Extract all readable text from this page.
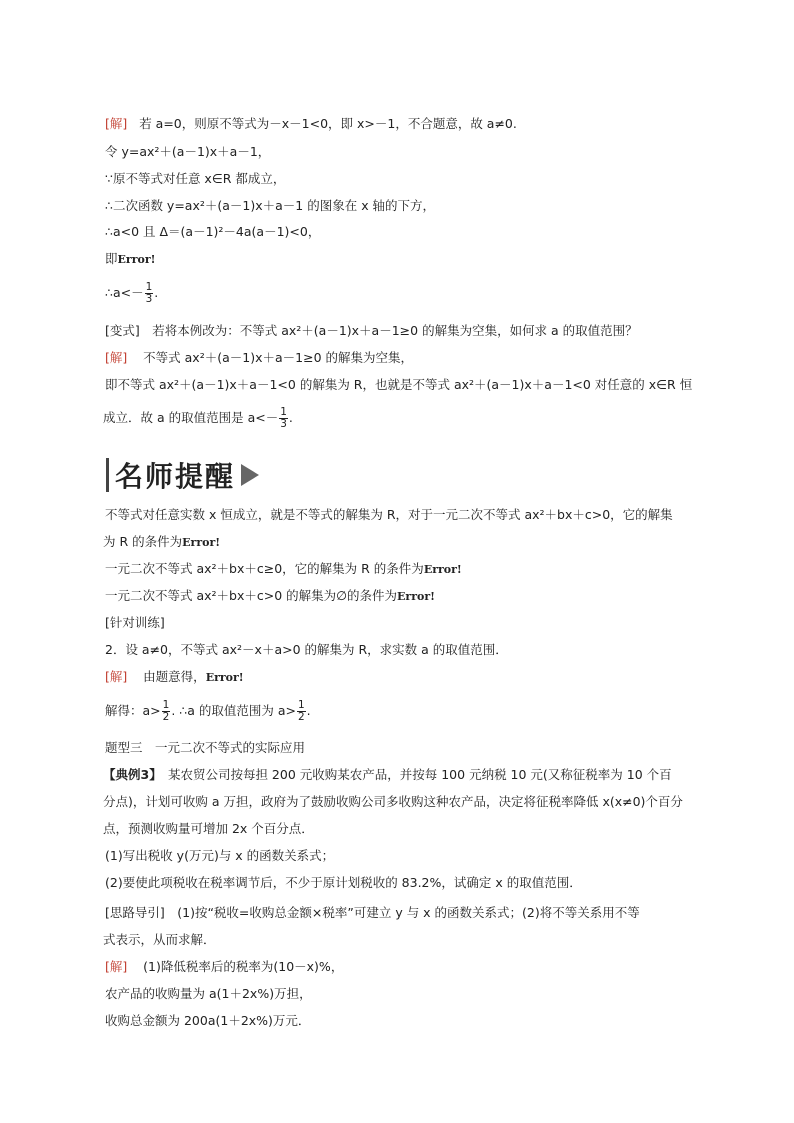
[解] 若 a=0，则原不等式为－x－1<0，即 x>－1，不合题意，故 a≠0.
令 y=ax²＋(a－1)x＋a－1，
∵原不等式对任意 x∈R 都成立，
∴二次函数 y=ax²＋(a－1)x＋a－1 的图象在 x 轴的下方，
∴a<0 且 Δ＝(a－1)²－4a(a－1)<0，
即Error!
∴a<－ $\frac{1}{3}$ .
[变式]　若将本例改为：不等式 ax²＋(a－1)x＋a－1≥0 的解集为空集，如何求 a 的取值范围？
[解] 不等式 ax²＋(a－1)x＋a－1≥0 的解集为空集，
即不等式 ax²＋(a－1)x＋a－1<0 的解集为 R，也就是不等式 ax²＋(a－1)x＋a－1<0 对任意的 x∈R 恒
成立．故 a 的取值范围是 $a<- \frac{1}{3}$ .
名师提醒
不等式对任意实数 x 恒成立，就是不等式的解集为 R，对于一元二次不等式 ax²＋bx＋c>0，它的解集
为 R 的条件为Error!
一元二次不等式 ax²＋bx＋c≥0，它的解集为 R 的条件为Error!
一元二次不等式 ax²＋bx＋c>0 的解集为∅的条件为Error!
[针对训练]
2．设 a≠0，不等式 ax²－x＋a>0 的解集为 R，求实数 a 的取值范围．
[解] 由题意得，Error!
解得：$a> \frac{1}{2}$ . ∴a 的取值范围为 $a> \frac{1}{2}$ .
题型三　一元二次不等式的实际应用
【典例3】　某农贸公司按每担 200 元收购某农产品，并按每 100 元纳税 10 元(又称征税率为 10 个百
分点)，计划可收购 a 万担，政府为了鼓励收购公司多收购这种农产品，决定将征税率降低 x(x≠0)个百分
点，预测收购量可增加 2x 个百分点．
(1)写出税收 y(万元)与 x 的函数关系式；
(2)要使此项税收在税率调节后，不少于原计划税收的 83.2%，试确定 x 的取值范围．
[思路导引]　(1)按“税收=收购总金额×税率”可建立 y 与 x 的函数关系式；(2)将不等关系用不等
式表示，从而求解．
[解] (1)降低税率后的税率为(10－x)%，
农产品的收购量为 a(1＋2x%)万担，
收购总金额为 200a(1＋2x%)万元．
